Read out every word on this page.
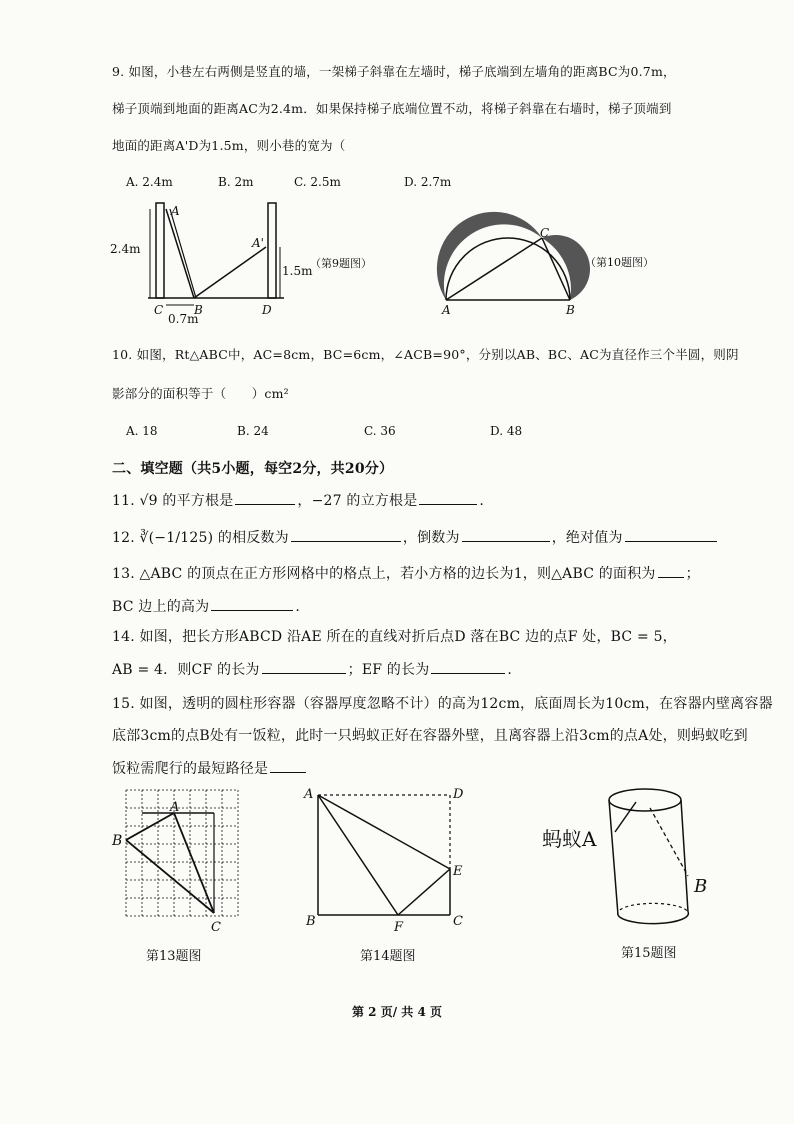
9. 如图，小巷左右两侧是竖直的墙，一架梯子斜靠在左墙时，梯子底端到左墙角的距离BC为0.7m，
梯子顶端到地面的距离AC为2.4m．如果保持梯子底端位置不动，将梯子斜靠在右墙时，梯子顶端到
地面的距离A'D为1.5m，则小巷的宽为（
A. 2.4m	B. 2m	C. 2.5m	D. 2.7m
2.4m
1.5m
0.7m
A
A'
B
C	D
（第9题图）
A	B
C
（第10题图）
10. 如图，Rt△ABC中，AC=8cm，BC=6cm，∠ACB=90°，分别以AB、BC、AC为直径作三个半圆，则阴
影部分的面积等于（　　）cm²
A. 18	B. 24	C. 36	D. 48
二、填空题（共5小题，每空2分，共20分）
11. √9 的平方根是	，−27 的立方根是	.
12. ∛(−1/125) 的相反数为	，倒数为	，绝对值为
13. △ABC 的顶点在正方形网格中的格点上，若小方格的边长为1，则△ABC 的面积为 ；
BC 边上的高为	.
14. 如图，把长方形ABCD 沿AE 所在的直线对折后点D 落在BC 边的点F 处，BC = 5，
AB = 4．则CF 的长为	；EF 的长为	.
15. 如图，透明的圆柱形容器（容器厚度忽略不计）的高为12cm，底面周长为10cm，在容器内壁离容器
底部3cm的点B处有一饭粒，此时一只蚂蚁正好在容器外壁，且离容器上沿3cm的点A处，则蚂蚁吃到
饭粒需爬行的最短路径是
A
B
C
第13题图
A	D
E
B	F	C
第14题图
蚂蚁A
B
第15题图
第 2 页/ 共 4 页
